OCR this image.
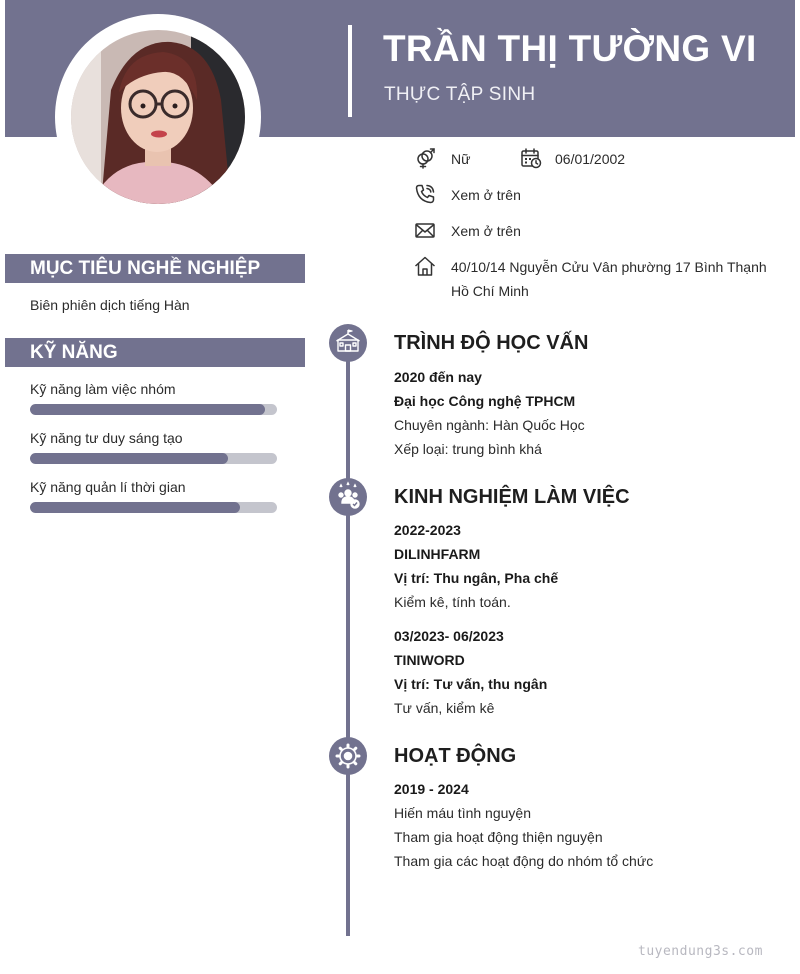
TRẦN THỊ TƯỜNG VI
THỰC TẬP SINH
Nữ	06/01/2002
Xem ở trên
Xem ở trên
40/10/14 Nguyễn Cửu Vân phường 17 Bình Thạnh
Hồ Chí Minh
MỤC TIÊU NGHỀ NGHIỆP
Biên phiên dịch tiếng Hàn
KỸ NĂNG
Kỹ năng làm việc nhóm
Kỹ năng tư duy sáng tạo
Kỹ năng quản lí thời gian
TRÌNH ĐỘ HỌC VẤN
2020 đến nay
Đại học Công nghệ TPHCM
Chuyên ngành: Hàn Quốc Học
Xếp loại: trung bình khá
KINH NGHIỆM LÀM VIỆC
2022-2023
DILINHFARM
Vị trí: Thu ngân, Pha chế
Kiểm kê, tính toán.
03/2023- 06/2023
TINIWORD
Vị trí: Tư vấn, thu ngân
Tư vấn, kiểm kê
HOẠT ĐỘNG
2019 - 2024
Hiến máu tình nguyện
Tham gia hoạt động thiện nguyện
Tham gia các hoạt động do nhóm tổ chức
tuyendung3s.com
